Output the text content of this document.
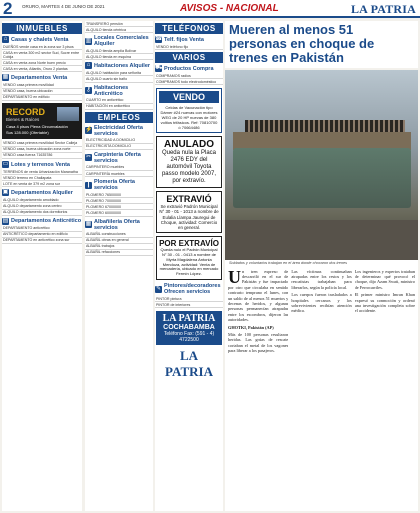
2 ORURO, MARTES 4 DE JUNIO DE 2021	AVISOS - NACIONAL	LA PATRIA
INMUEBLES
⌂ Casas y chalets Venta
DUEÑOS vende casa en la zona sur 3 pisos
CASA en venta 300 m2 sector Sud, Sucre entre Cobija
CASA en venta zona Norte buen precio
CASA en venta, Atlantis, Oruro 2 plantas
▦ Departamentos Venta
VENDO casa primera movilidad
VENDO casa, buena ubicación
DEPARTAMENTO en edificio
RECORD
Bienes & Raíces
Casa 4 pisos Plena Circunvalación
Sus 128.000 (Ofertable)
VENDO casa primera movilidad Sector Calleja
VENDO casa, buena ubicación zona norte
VENDO casa fuerza 71635786
▭ Lotes y terrenos Venta
TERRENOS de venta Urbanización Maranatha
VENDO terreno en Challapata
LOTE en venta de 379 m2 zona sur
▣ Departamentos Alquiler
ALQUILO departamento amoblado
ALQUILO departamento zona centro
ALQUILO departamento dos dormitorios
▤ Departamentos Anticrético
DEPARTAMENTO anticrético
ANTICRÉTICO departamento en edificio
DEPARTAMENTO en anticrético zona sur
TRANSFIERO pensión
ALQUILO tienda céntrica
▥ Locales Comerciales Alquiler
ALQUILO tienda amplia Bolívar
ALQUILO tienda en esquina
⌂ Habitaciones Alquiler
ALQUILO habitación para señorita
ALQUILO cuarto sin baño
⚷ Habitaciones Anticrético
CUARTO en anticrético
HABITACIÓN en anticrético
EMPLEOS
⚡ Electricidad Oferta servicios
ELECTRICIDAD A DOMICILIO
ELECTRICISTA DOMICILIO
✂ Carpintería Oferta servicios
CARPINTERO muebles
CARPINTERÍA muebles
┃ Plomería Oferta servicios
PLOMERO 76500000
PLOMERO 70000000
PLOMERO 67000000
PLOMERO 60000000
▦ Albañilería Oferta servicios
ALBAÑIL construcciones
ALBAÑIL obras en general
ALBAÑIL trabajos
ALBAÑIL refacciones
TELÉFONOS
☎ Telf. fijos Venta
VENDO teléfono fijo
VARIOS
⛟ Productos Compra
COMPRAMOS radios
COMPRAMOS todo electrodoméstico
VENDO
Celdas de Vacunación tipo Dámer #24 nuevas con motores WEG de 20 HP nuevas de 380 voltios trifásicos. Ref: 70810700 ó 70664486
ANULADO
Queda nula la Placa 2476 EDY del automóvil Toyota passo modelo 2007, por extravío.
EXTRAVIÓ
Se extravió Padrón Municipal N° 30 - 01 - 1013 a nombre de Eulalia Llampa Jauregui de Choque, actividad: Comercio en general.
POR EXTRAVÍO
Queda nulo el Padrón Municipal N° 30 - 01 - 0413 a nombre de Myrta Magdalena Antonia Mendoza, actividad: Venta de mercadería, ubicado en mercado Fermín López.
✎ Pintores/decoradores Ofrecen servicios
PINTOR pintura
PINTOR de interiores
LA PATRIA
COCHABAMBA
Teléfono Fax: (591 - 4) 4722500
LA PATRIA
Mueren al menos 51 personas en choque de trenes en Pakistán
Soldados y voluntarios trabajan en el área donde chocaron dos trenes

Un tren expreso de descarriló en el sur de Pakistán y fue impactado por otro que circulaba en sentido contrario temprano el lunes, con un saldo de al menos 51 muertos y decenas de heridos, y algunas personas permanecían atrapadas entre los escombros, dijeron las autoridades.

GHOTKI, Pakistán (AP)

Más de 100 personas resultaron heridas. Las grúas de rescate cortaban el metal de los vagones para liberar a los pasajeros.

Las víctimas continuaban atrapadas entre los restos y los rescatistas trabajaban para liberarlos, según la policía local.

Los cuerpos fueron trasladados a hospitales cercanos y los sobrevivientes recibían atención médica.

Los ingenieros y expertos trataban de determinar qué provocó el choque, dijo Azam Swati, ministro de Ferrocarriles.

El primer ministro Imran Khan expresó su conmoción y ordenó una investigación completa sobre el accidente.
